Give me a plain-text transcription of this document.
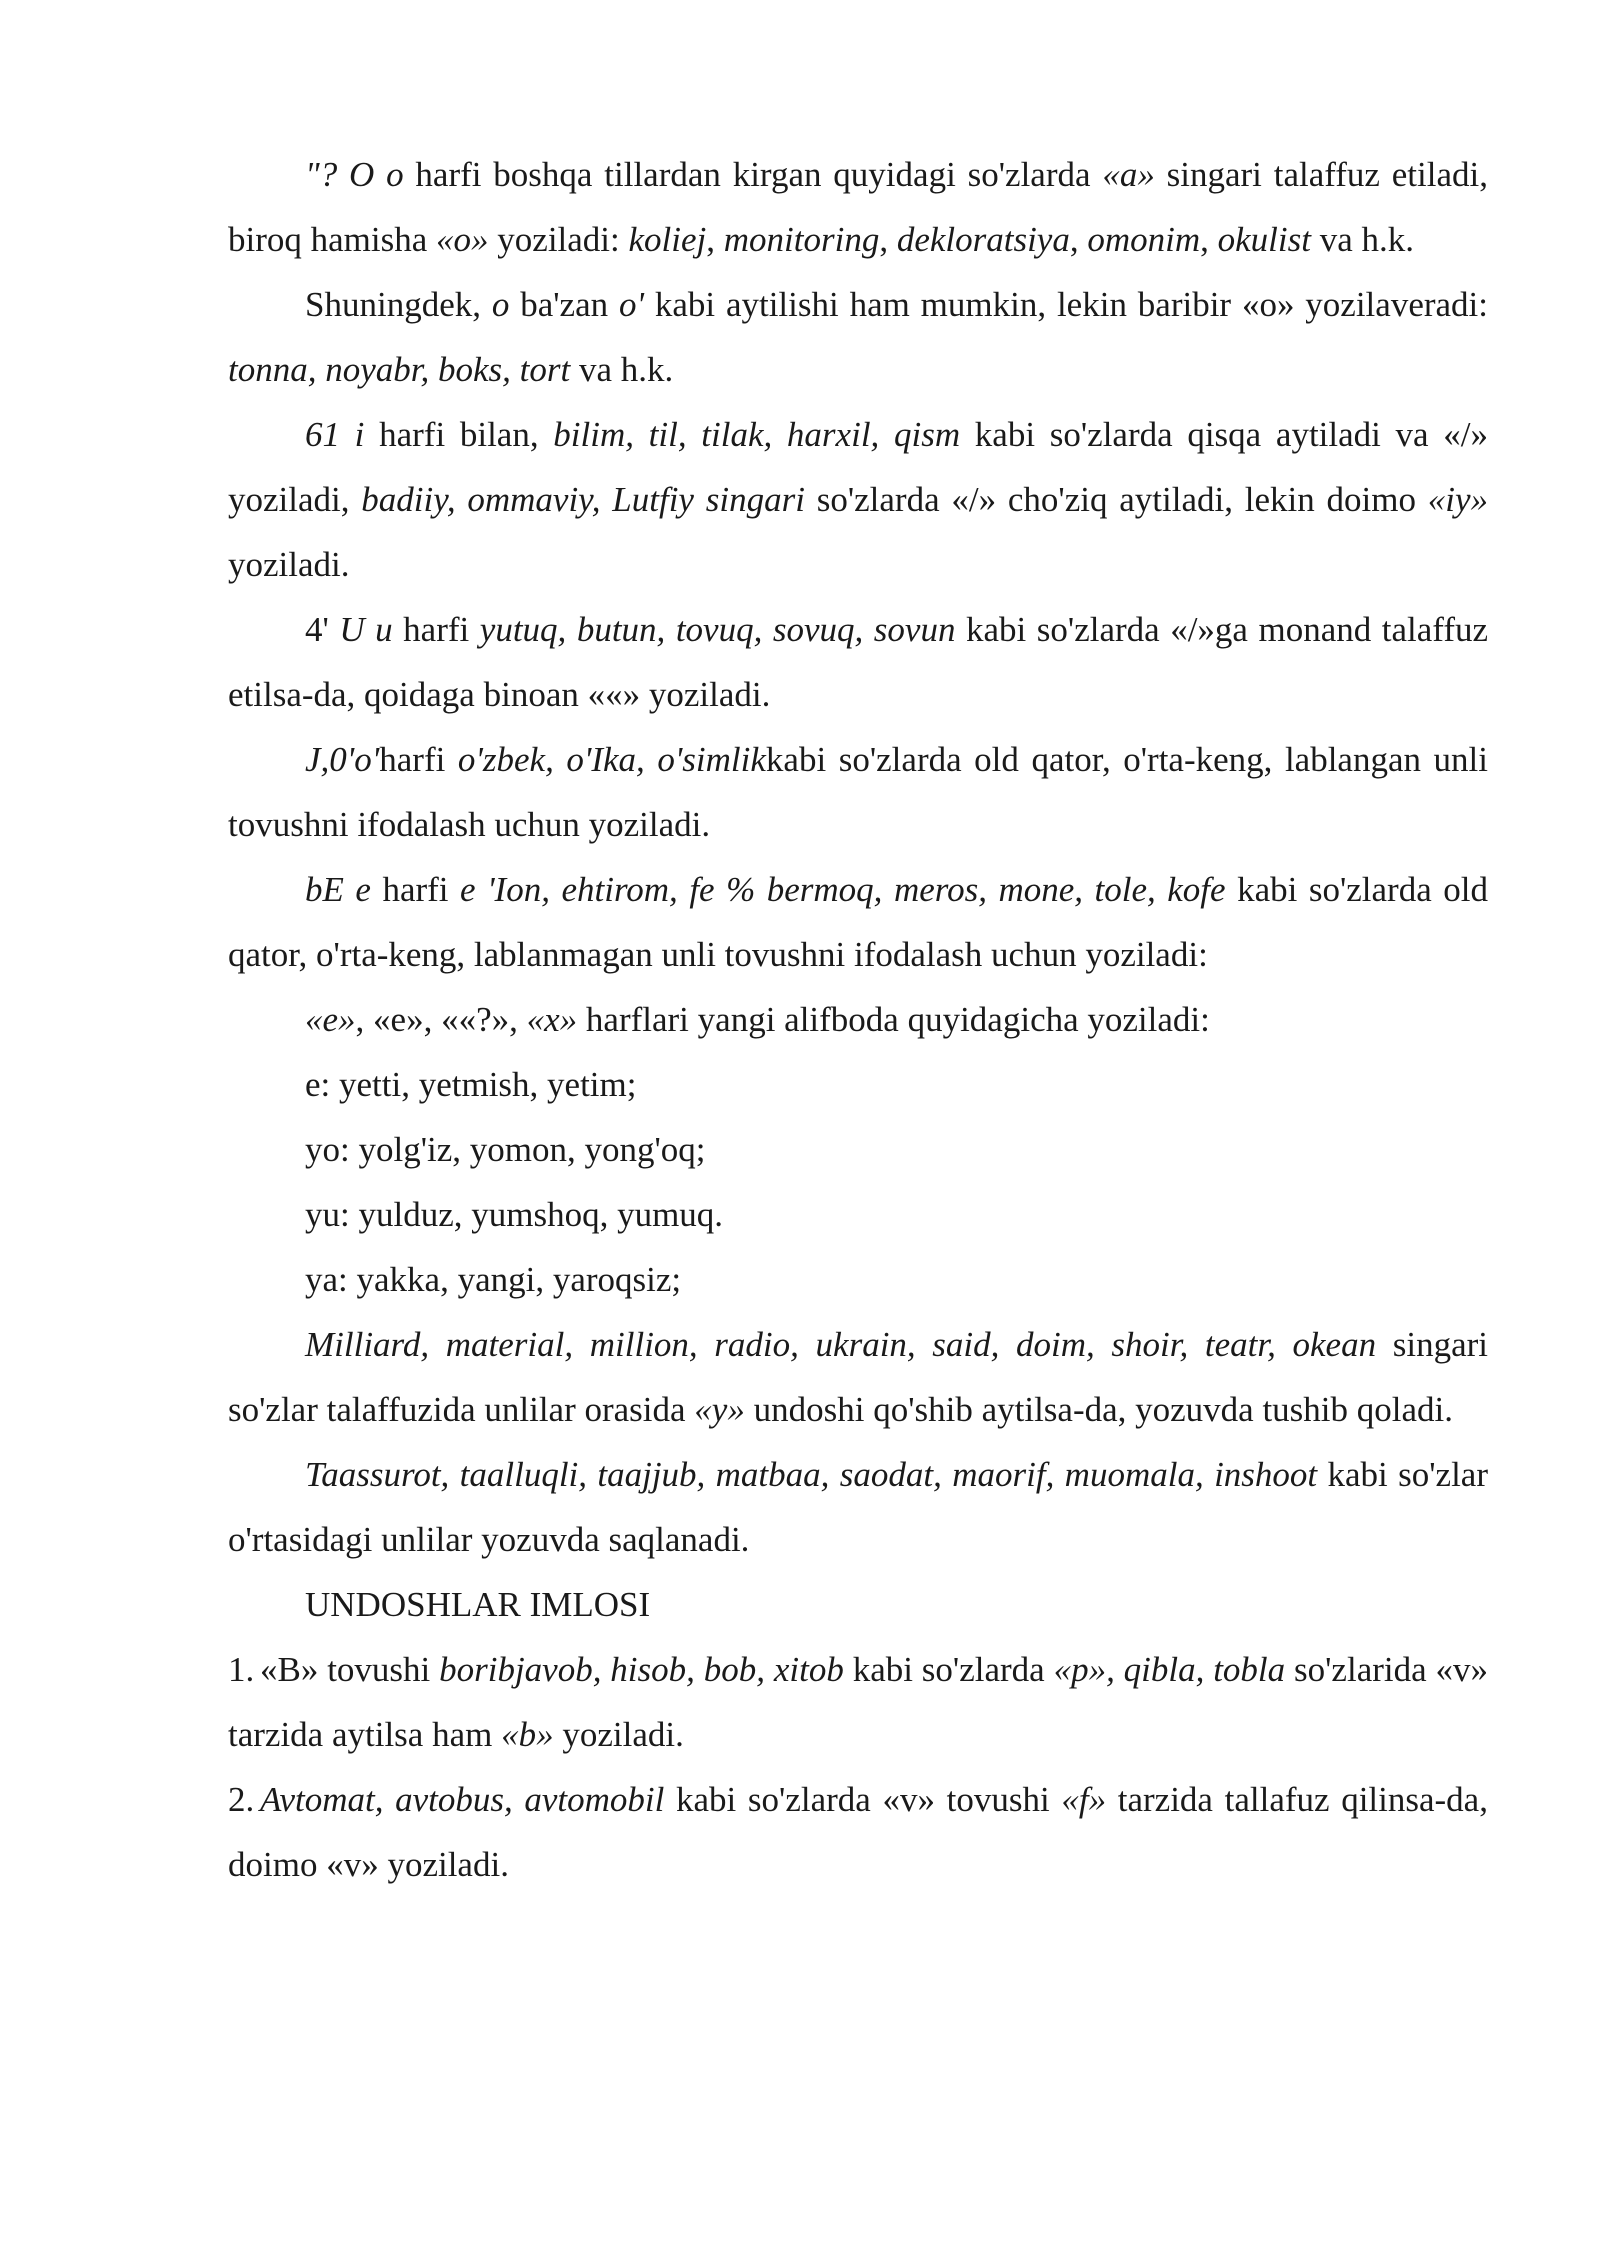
"? O o harfi boshqa tillardan kirgan quyidagi so'zlarda «a» singari talaffuz etiladi, biroq hamisha «o» yoziladi: koliej, monitoring, dekloratsiya, omonim, okulist va h.k.

Shuningdek, o ba'zan o' kabi aytilishi ham mumkin, lekin baribir «o» yozilaveradi: tonna, noyabr, boks, tort va h.k.

61 i harfi bilan, bilim, til, tilak, harxil, qism kabi so'zlarda qisqa aytiladi va «/» yoziladi, badiiy, ommaviy, Lutfiy singari so'zlarda «/» cho'ziq aytiladi, lekin doimo «iy» yoziladi.

4' U u harfi yutuq, butun, tovuq, sovuq, sovun kabi so'zlarda «/»ga monand talaffuz etilsa-da, qoidaga binoan ««» yoziladi.

J,0'o'harfi o'zbek, o'Ika, o'simlikkabi so'zlarda old qator, o'rta-keng, lablangan unli tovushni ifodalash uchun yoziladi.

bE e harfi e 'Ion, ehtirom, fe % bermoq, meros, mone, tole, kofe kabi so'zlarda old qator, o'rta-keng, lablanmagan unli tovushni ifodalash uchun yoziladi:

«e», «e», ««?», «x» harflari yangi alifboda quyidagicha yoziladi:

e: yetti, yetmish, yetim;

yo: yolg'iz, yomon, yong'oq;

yu: yulduz, yumshoq, yumuq.

ya: yakka, yangi, yaroqsiz;

Milliard, material, million, radio, ukrain, said, doim, shoir, teatr, okean singari so'zlar talaffuzida unlilar orasida «y» undoshi qo'shib aytilsa-da, yozuvda tushib qoladi.

Taassurot, taalluqli, taajjub, matbaa, saodat, maorif, muomala, inshoot kabi so'zlar o'rtasidagi unlilar yozuvda saqlanadi.

UNDOSHLAR IMLOSI

1. «B» tovushi boribjavob, hisob, bob, xitob kabi so'zlarda «p», qibla, tobla so'zlarida «v» tarzida aytilsa ham «b» yoziladi.

2. Avtomat, avtobus, avtomobil kabi so'zlarda «v» tovushi «f» tarzida tallafuz qilinsa-da, doimo «v» yoziladi.
